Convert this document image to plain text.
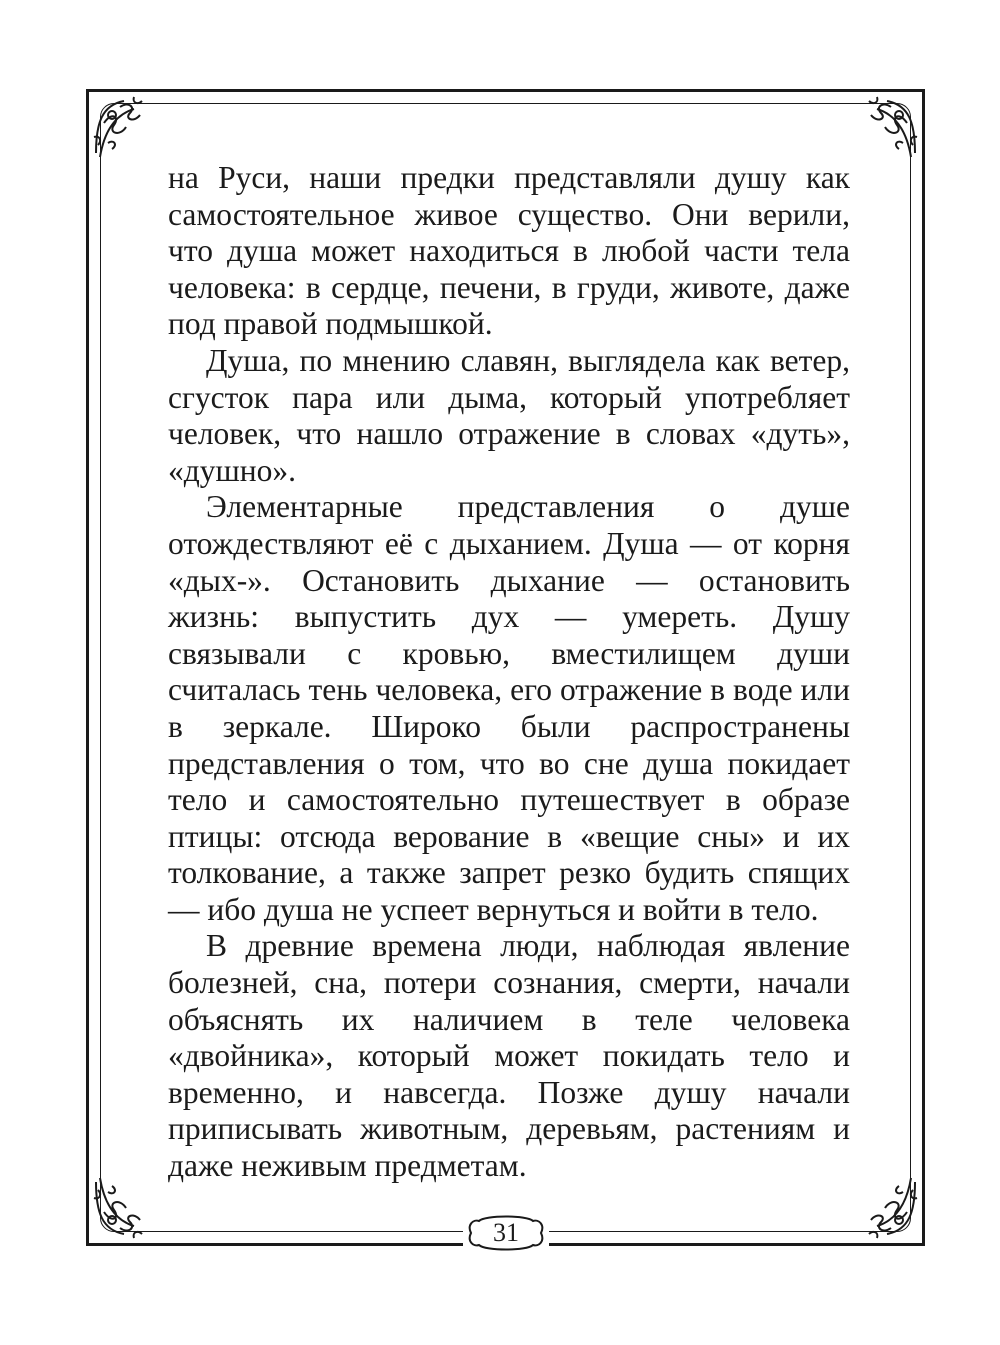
на Руси, наши предки представляли душу как самостоятельное живое существо. Они верили, что душа может находиться в любой части тела человека: в сердце, печени, в груди, животе, даже под правой подмышкой.

Душа, по мнению славян, выглядела как ветер, сгусток пара или дыма, который употребляет человек, что нашло отражение в словах «дуть», «душно».

Элементарные представления о душе отождествляют её с дыханием. Душа — от корня «дых-». Остановить дыхание — остановить жизнь: выпустить дух — умереть. Душу связывали с кровью, вместилищем души считалась тень человека, его отражение в воде или в зеркале. Широко были распространены представления о том, что во сне душа покидает тело и самостоятельно путешествует в образе птицы: отсюда верование в «вещие сны» и их толкование, а также запрет резко будить спящих — ибо душа не успеет вернуться и войти в тело.

В древние времена люди, наблюдая явление болезней, сна, потери сознания, смерти, начали объяснять их наличием в теле человека «двойника», который может покидать тело и временно, и навсегда. Позже душу начали приписывать животным, деревьям, растениям и даже неживым предметам.

31
